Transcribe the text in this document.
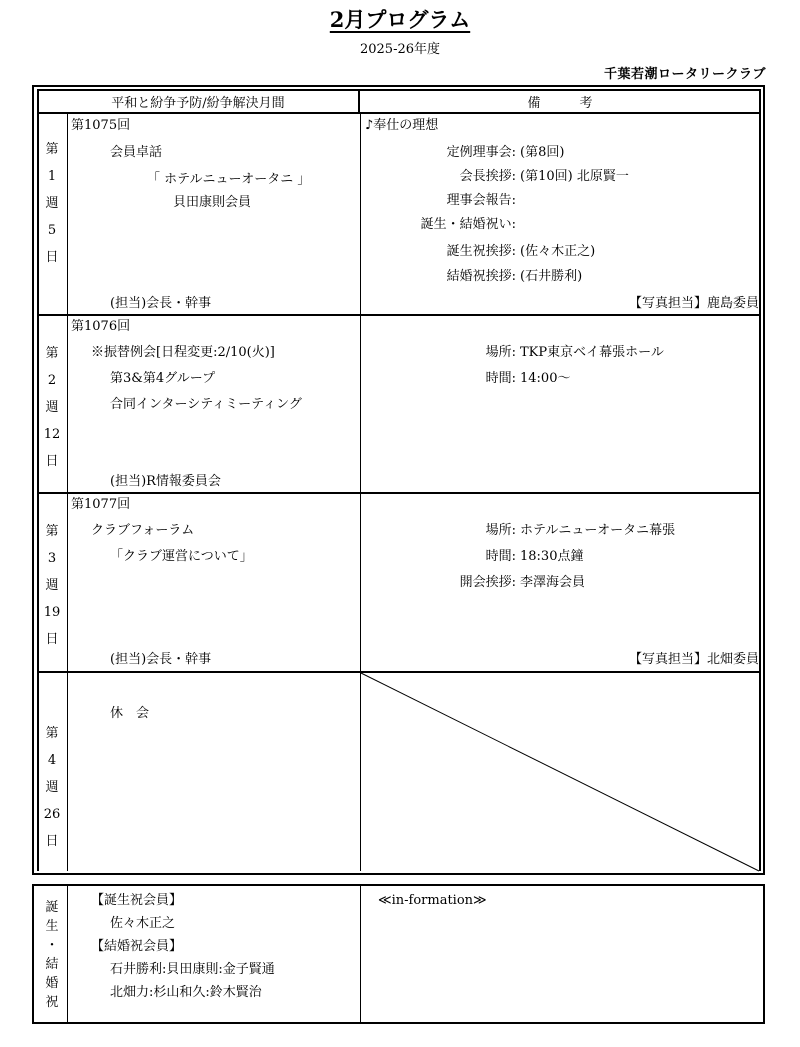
2月プログラム
2025-26年度
千葉若潮ロータリークラブ
平和と紛争予防/紛争解決月間	備　　　考
第
1
週
5
日
第1075回
会員卓話
「 ホテルニューオータニ 」
貝田康則会員
(担当)会長・幹事
♪奉仕の理想
定例理事会: (第8回)
会長挨拶: (第10回) 北原賢一
理事会報告:
誕生・結婚祝い:
誕生祝挨拶: (佐々木正之)
結婚祝挨拶: (石井勝利)
【写真担当】鹿島委員
第
2
週
12
日
第1076回
※振替例会[日程変更:2/10(火)]
第3&第4グループ
合同インターシティミーティング
(担当)R情報委員会
場所: TKP東京ベイ幕張ホール
時間: 14:00～
第
3
週
19
日
第1077回
クラブフォーラム
「クラブ運営について」
(担当)会長・幹事
場所: ホテルニューオータニ幕張
時間: 18:30点鐘
開会挨拶: 李澤海会員
【写真担当】北畑委員
第
4
週
26
日
休　会
誕
生
・
結
婚
祝
【誕生祝会員】
佐々木正之
【結婚祝会員】
石井勝利:貝田康則:金子賢通
北畑力:杉山和久:鈴木賢治
≪in-formation≫
